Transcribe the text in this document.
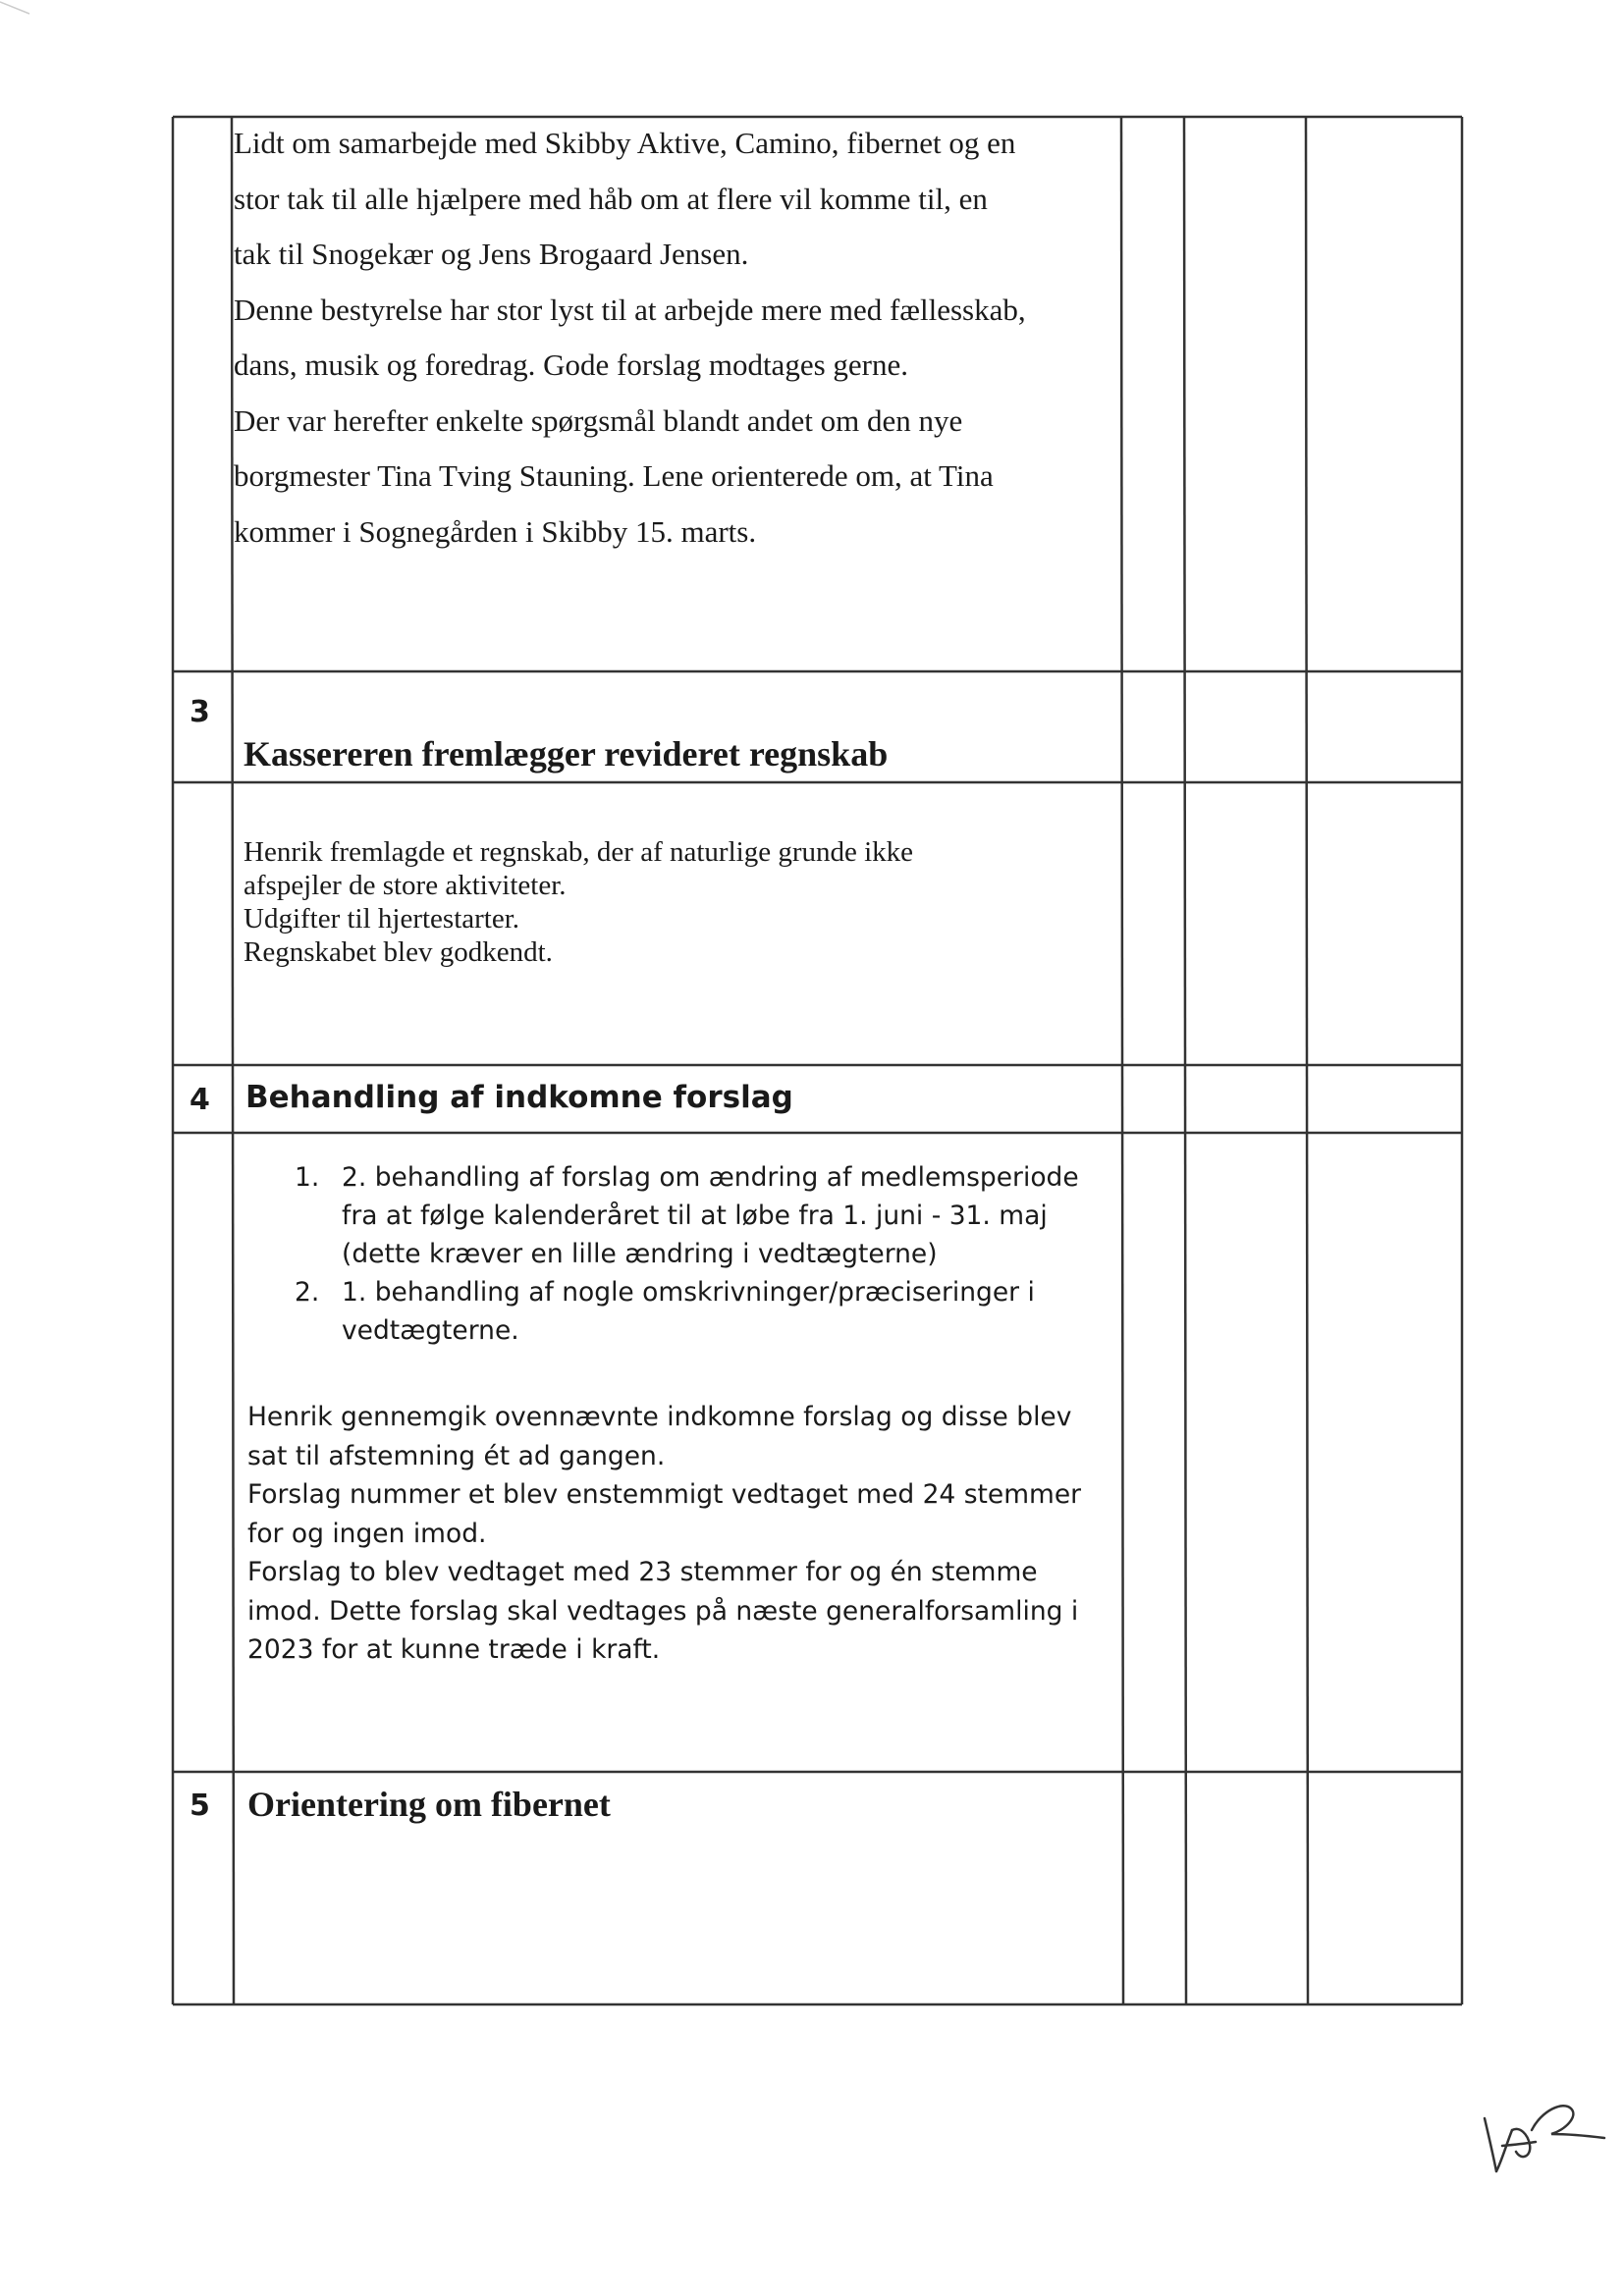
Lidt om samarbejde med Skibby Aktive, Camino, fibernet og en
stor tak til alle hjælpere med håb om at flere vil komme til, en
tak til Snogekær og Jens Brogaard Jensen.
Denne bestyrelse har stor lyst til at arbejde mere med fællesskab,
dans, musik og foredrag. Gode forslag modtages gerne.
Der var herefter enkelte spørgsmål blandt andet om den nye
borgmester Tina Tving Stauning. Lene orienterede om, at Tina
kommer i Sognegården i Skibby 15. marts.
3
Kassereren fremlægger revideret regnskab
Henrik fremlagde et regnskab, der af naturlige grunde ikke
afspejler de store aktiviteter.
Udgifter til hjertestarter.
Regnskabet blev godkendt.
4 Behandling af indkomne forslag
1. 2. behandling af forslag om ændring af medlemsperiode
fra at følge kalenderåret til at løbe fra 1. juni - 31. maj
(dette kræver en lille ændring i vedtægterne)
2. 1. behandling af nogle omskrivninger/præciseringer i
vedtægterne.
Henrik gennemgik ovennævnte indkomne forslag og disse blev
sat til afstemning ét ad gangen.
Forslag nummer et blev enstemmigt vedtaget med 24 stemmer
for og ingen imod.
Forslag to blev vedtaget med 23 stemmer for og én stemme
imod. Dette forslag skal vedtages på næste generalforsamling i
2023 for at kunne træde i kraft.
5 Orientering om fibernet
